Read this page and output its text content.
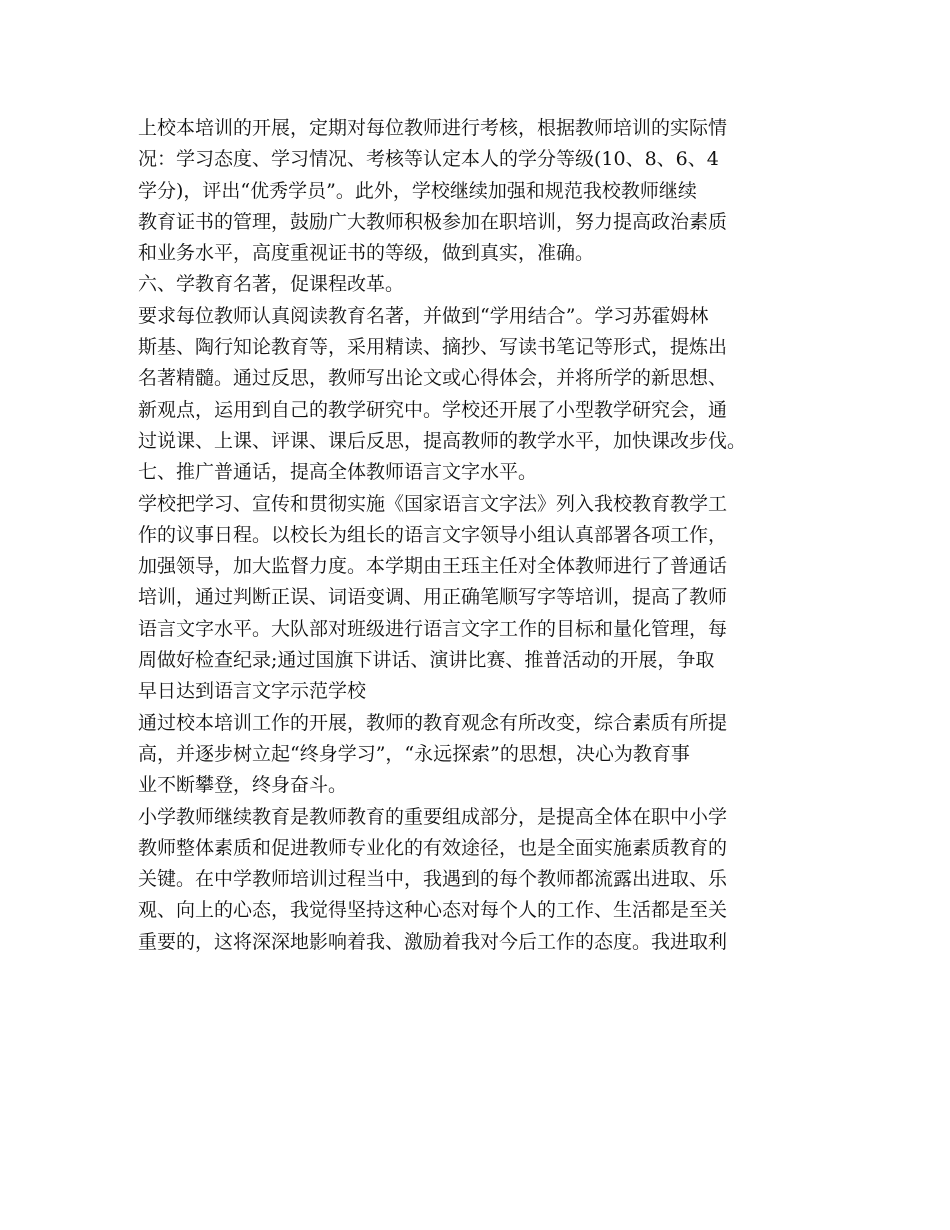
上校本培训的开展，定期对每位教师进行考核，根据教师培训的实际情
况：学习态度、学习情况、考核等认定本人的学分等级(10、8、6、4
学分)，评出“优秀学员”。此外，学校继续加强和规范我校教师继续
教育证书的管理，鼓励广大教师积极参加在职培训，努力提高政治素质
和业务水平，高度重视证书的等级，做到真实，准确。
六、学教育名著，促课程改革。
要求每位教师认真阅读教育名著，并做到“学用结合”。学习苏霍姆林
斯基、陶行知论教育等，采用精读、摘抄、写读书笔记等形式，提炼出
名著精髓。通过反思，教师写出论文或心得体会，并将所学的新思想、
新观点，运用到自己的教学研究中。学校还开展了小型教学研究会，通
过说课、上课、评课、课后反思，提高教师的教学水平，加快课改步伐。
七、推广普通话，提高全体教师语言文字水平。
学校把学习、宣传和贯彻实施《国家语言文字法》列入我校教育教学工
作的议事日程。以校长为组长的语言文字领导小组认真部署各项工作，
加强领导，加大监督力度。本学期由王珏主任对全体教师进行了普通话
培训，通过判断正误、词语变调、用正确笔顺写字等培训，提高了教师
语言文字水平。大队部对班级进行语言文字工作的目标和量化管理，每
周做好检查纪录;通过国旗下讲话、演讲比赛、推普活动的开展，争取
早日达到语言文字示范学校
通过校本培训工作的开展，教师的教育观念有所改变，综合素质有所提
高，并逐步树立起“终身学习”，“永远探索”的思想，决心为教育事
业不断攀登，终身奋斗。
小学教师继续教育是教师教育的重要组成部分，是提高全体在职中小学
教师整体素质和促进教师专业化的有效途径，也是全面实施素质教育的
关键。在中学教师培训过程当中，我遇到的每个教师都流露出进取、乐
观、向上的心态，我觉得坚持这种心态对每个人的工作、生活都是至关
重要的，这将深深地影响着我、激励着我对今后工作的态度。我进取利
